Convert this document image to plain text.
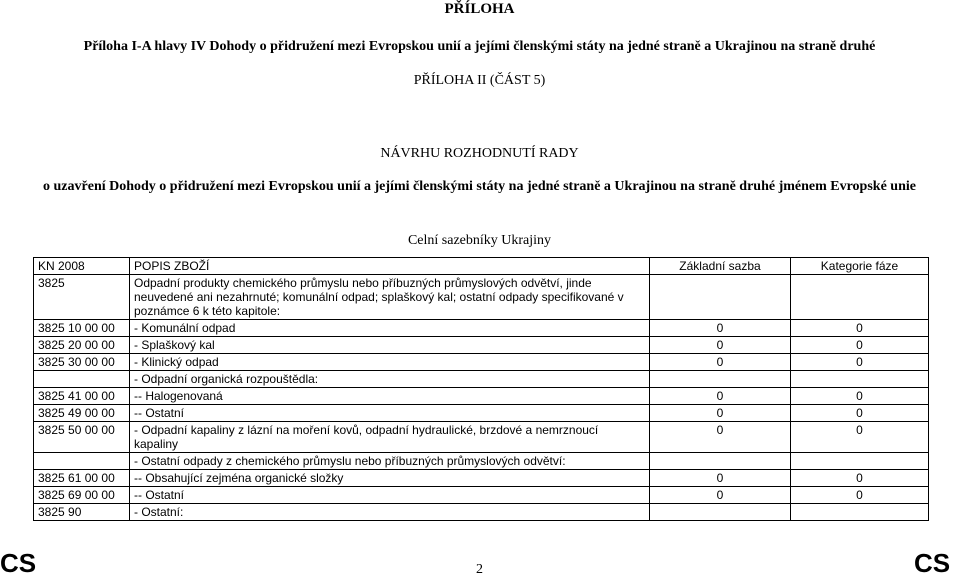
PŘÍLOHA
Příloha I-A hlavy IV Dohody o přidružení mezi Evropskou unií a jejími členskými státy na jedné straně a Ukrajinou na straně druhé
PŘÍLOHA II (ČÁST 5)
NÁVRHU ROZHODNUTÍ RADY
o uzavření Dohody o přidružení mezi Evropskou unií a jejími členskými státy na jedné straně a Ukrajinou na straně druhé jménem Evropské unie
Celní sazebníky Ukrajiny
KN 2008	POPIS ZBOŽÍ	Základní sazba	Kategorie fáze
3825	Odpadní produkty chemického průmyslu nebo příbuzných průmyslových odvětví, jinde neuvedené ani nezahrnuté; komunální odpad; splaškový kal; ostatní odpady specifikované v poznámce 6 k této kapitole:		
3825 10 00 00	- Komunální odpad	0	0
3825 20 00 00	- Splaškový kal	0	0
3825 30 00 00	- Klinický odpad	0	0
	- Odpadní organická rozpouštědla:		
3825 41 00 00	-- Halogenovaná	0	0
3825 49 00 00	-- Ostatní	0	0
3825 50 00 00	- Odpadní kapaliny z lázní na moření kovů, odpadní hydraulické, brzdové a nemrznoucí kapaliny	0	0
	- Ostatní odpady z chemického průmyslu nebo příbuzných průmyslových odvětví:		
3825 61 00 00	-- Obsahující zejména organické složky	0	0
3825 69 00 00	-- Ostatní	0	0
3825 90	- Ostatní:		
CS	2	CS
